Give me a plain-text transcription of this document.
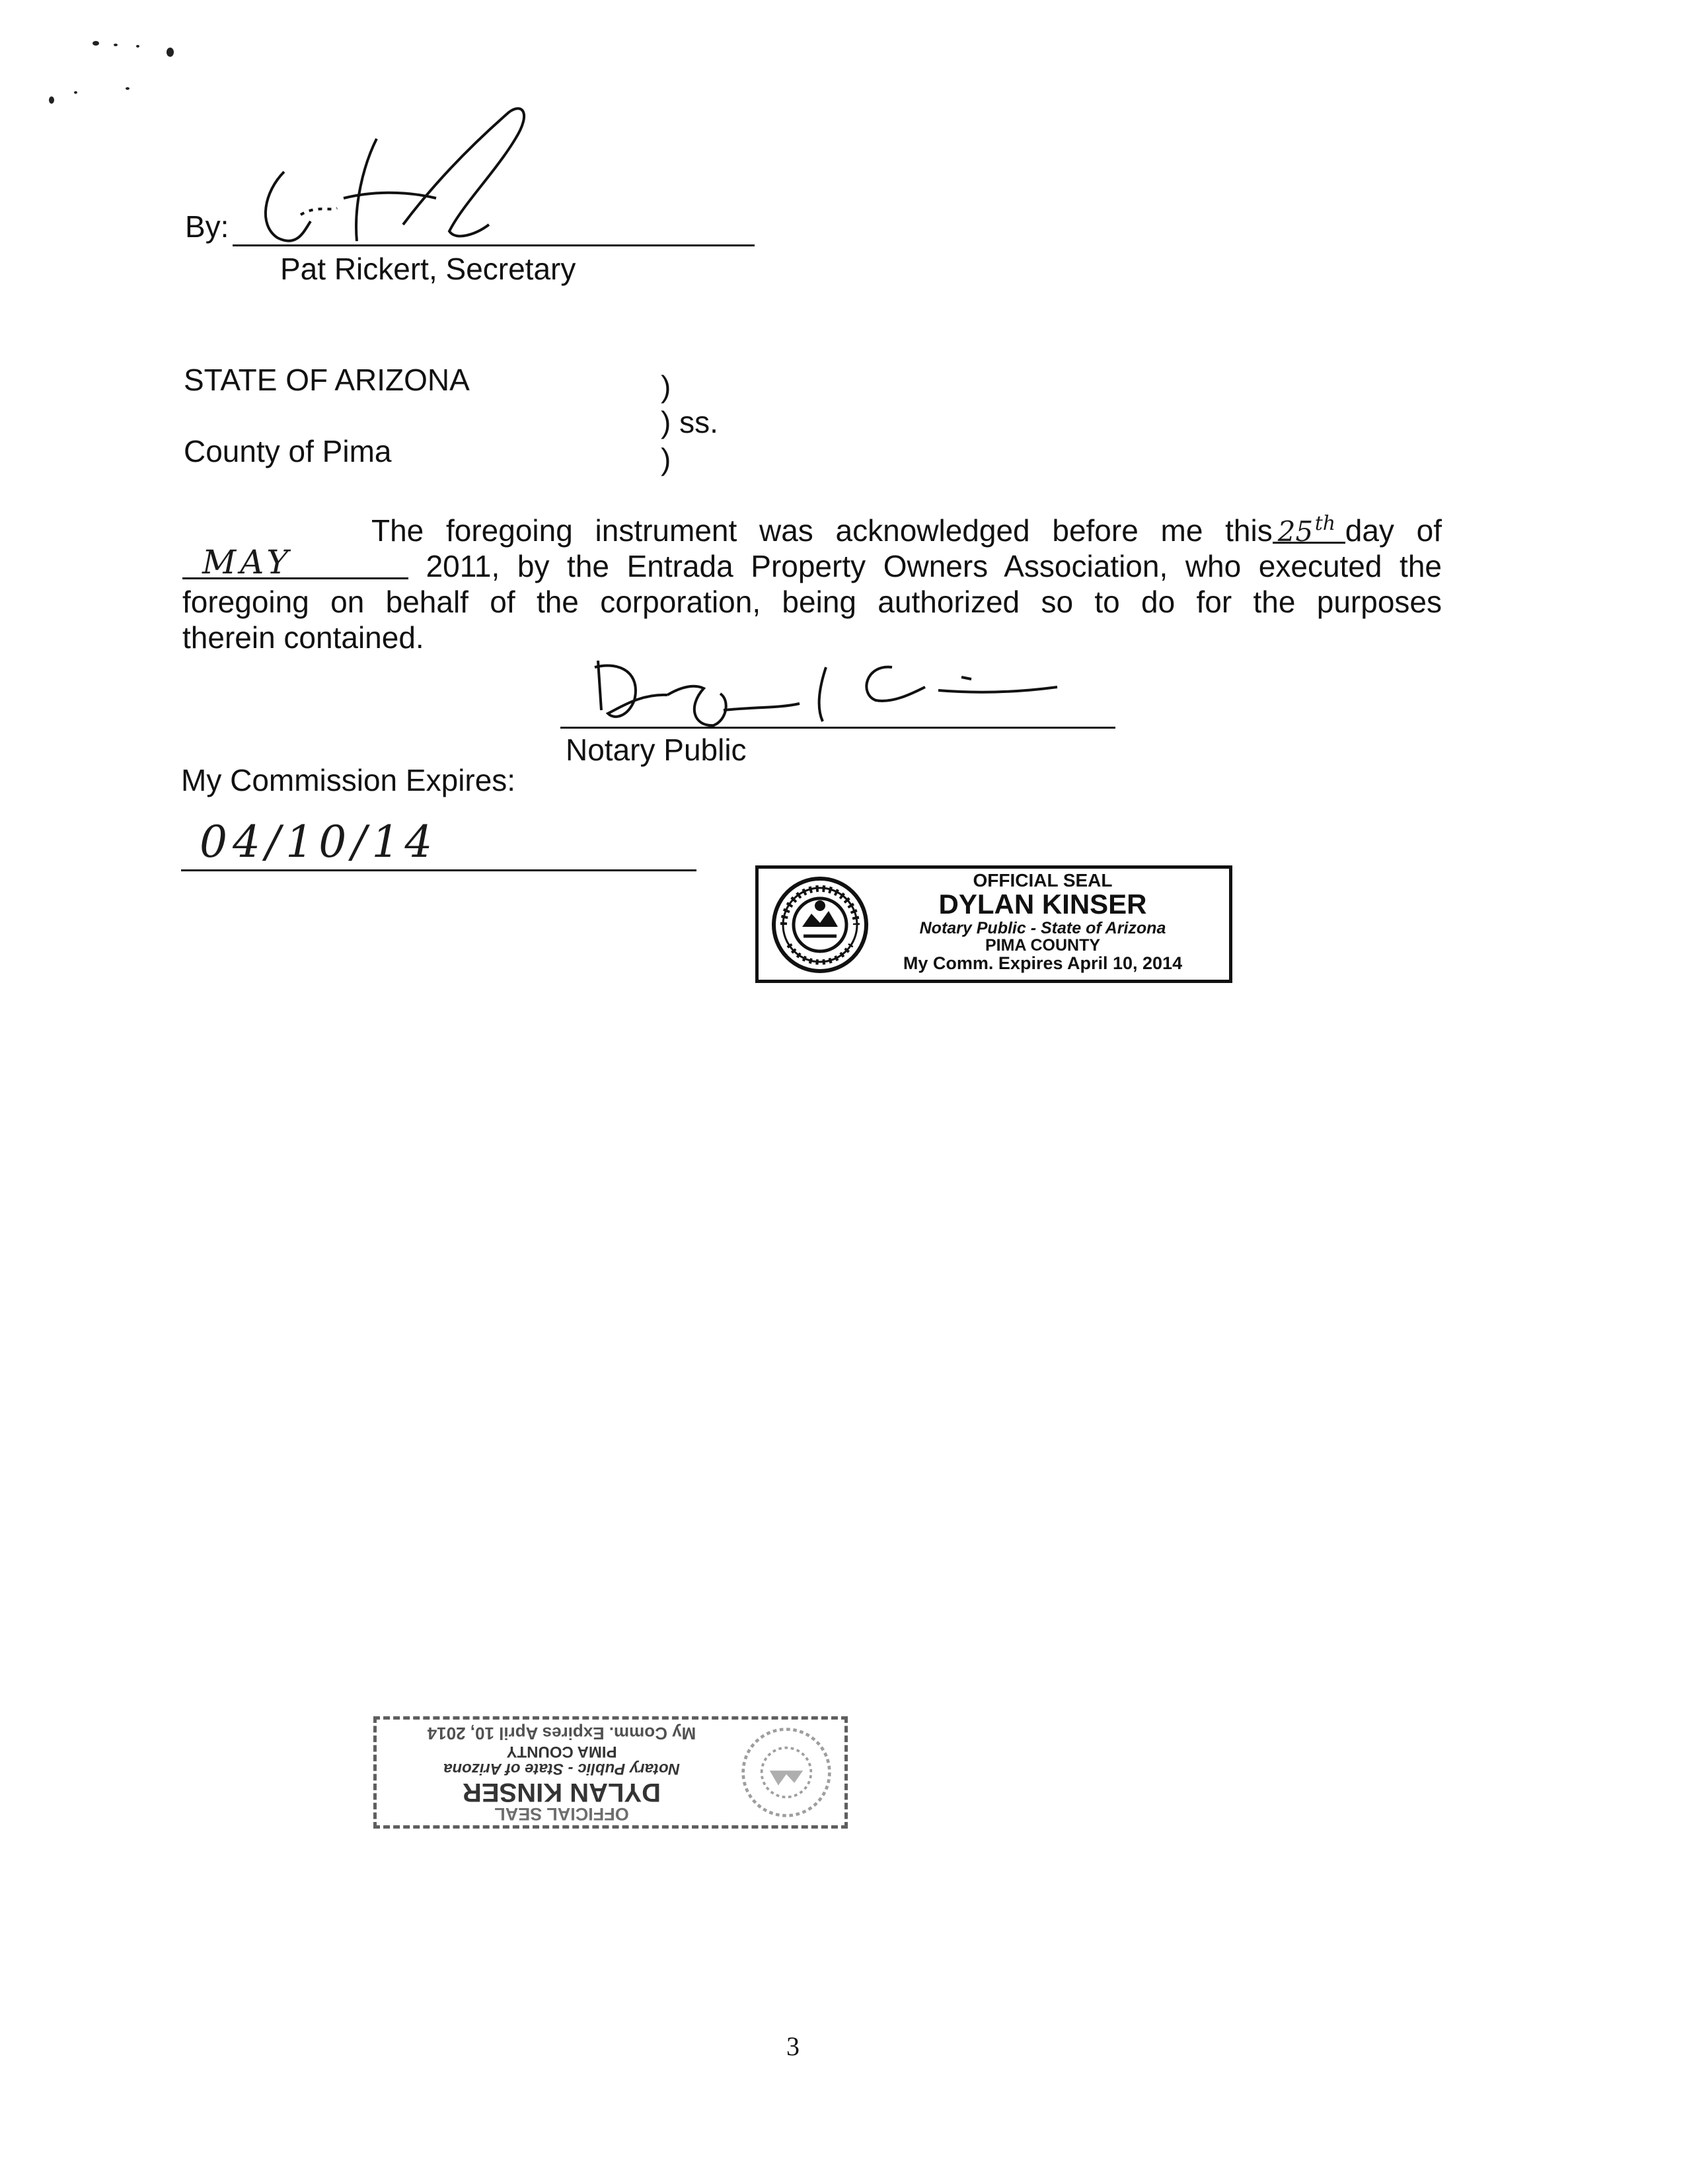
By:
Pat Rickert, Secretary
STATE OF ARIZONA
County of Pima
)
) ss.
)
The foregoing instrument was acknowledged before me this 25 th day of
MAY	2011, by the Entrada Property Owners Association, who executed the
foregoing on behalf of the corporation, being authorized so to do for the purposes
therein contained.
Notary Public
My Commission Expires:
04/10/14
OFFICIAL SEAL
DYLAN KINSER
Notary Public - State of Arizona
PIMA COUNTY
My Comm. Expires April 10, 2014
OFFICIAL SEAL
DYLAN KINSER
Notary Public - State of Arizona
PIMA COUNTY
My Comm. Expires April 10, 2014
3
